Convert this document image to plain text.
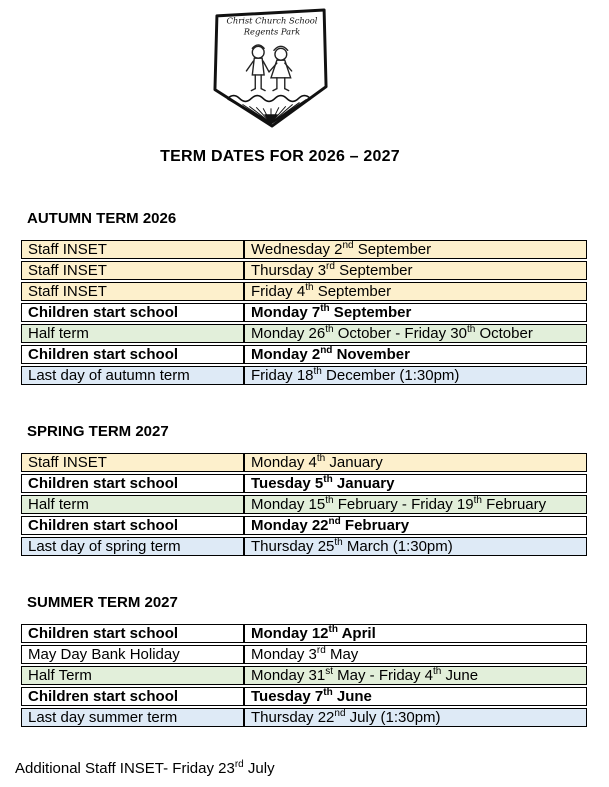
Christ Church School
Regents Park
TERM DATES FOR 2026 – 2027
AUTUMN TERM 2026
Staff INSET	Wednesday 2nd September
Staff INSET	Thursday 3rd September
Staff INSET	Friday 4th September
Children start school	Monday 7th September
Half term	Monday 26th October - Friday 30th October
Children start school	Monday 2nd November
Last day of autumn term	Friday 18th December (1:30pm)
SPRING TERM 2027
Staff INSET	Monday 4th January
Children start school	Tuesday 5th January
Half term	Monday 15th February - Friday 19th February
Children start school	Monday 22nd February
Last day of spring term	Thursday 25th March (1:30pm)
SUMMER TERM 2027
Children start school	Monday 12th April
May Day Bank Holiday	Monday 3rd May
Half Term	Monday 31st May - Friday 4th June
Children start school	Tuesday 7th June
Last day summer term	Thursday 22nd July (1:30pm)
Additional Staff INSET- Friday 23rd July
